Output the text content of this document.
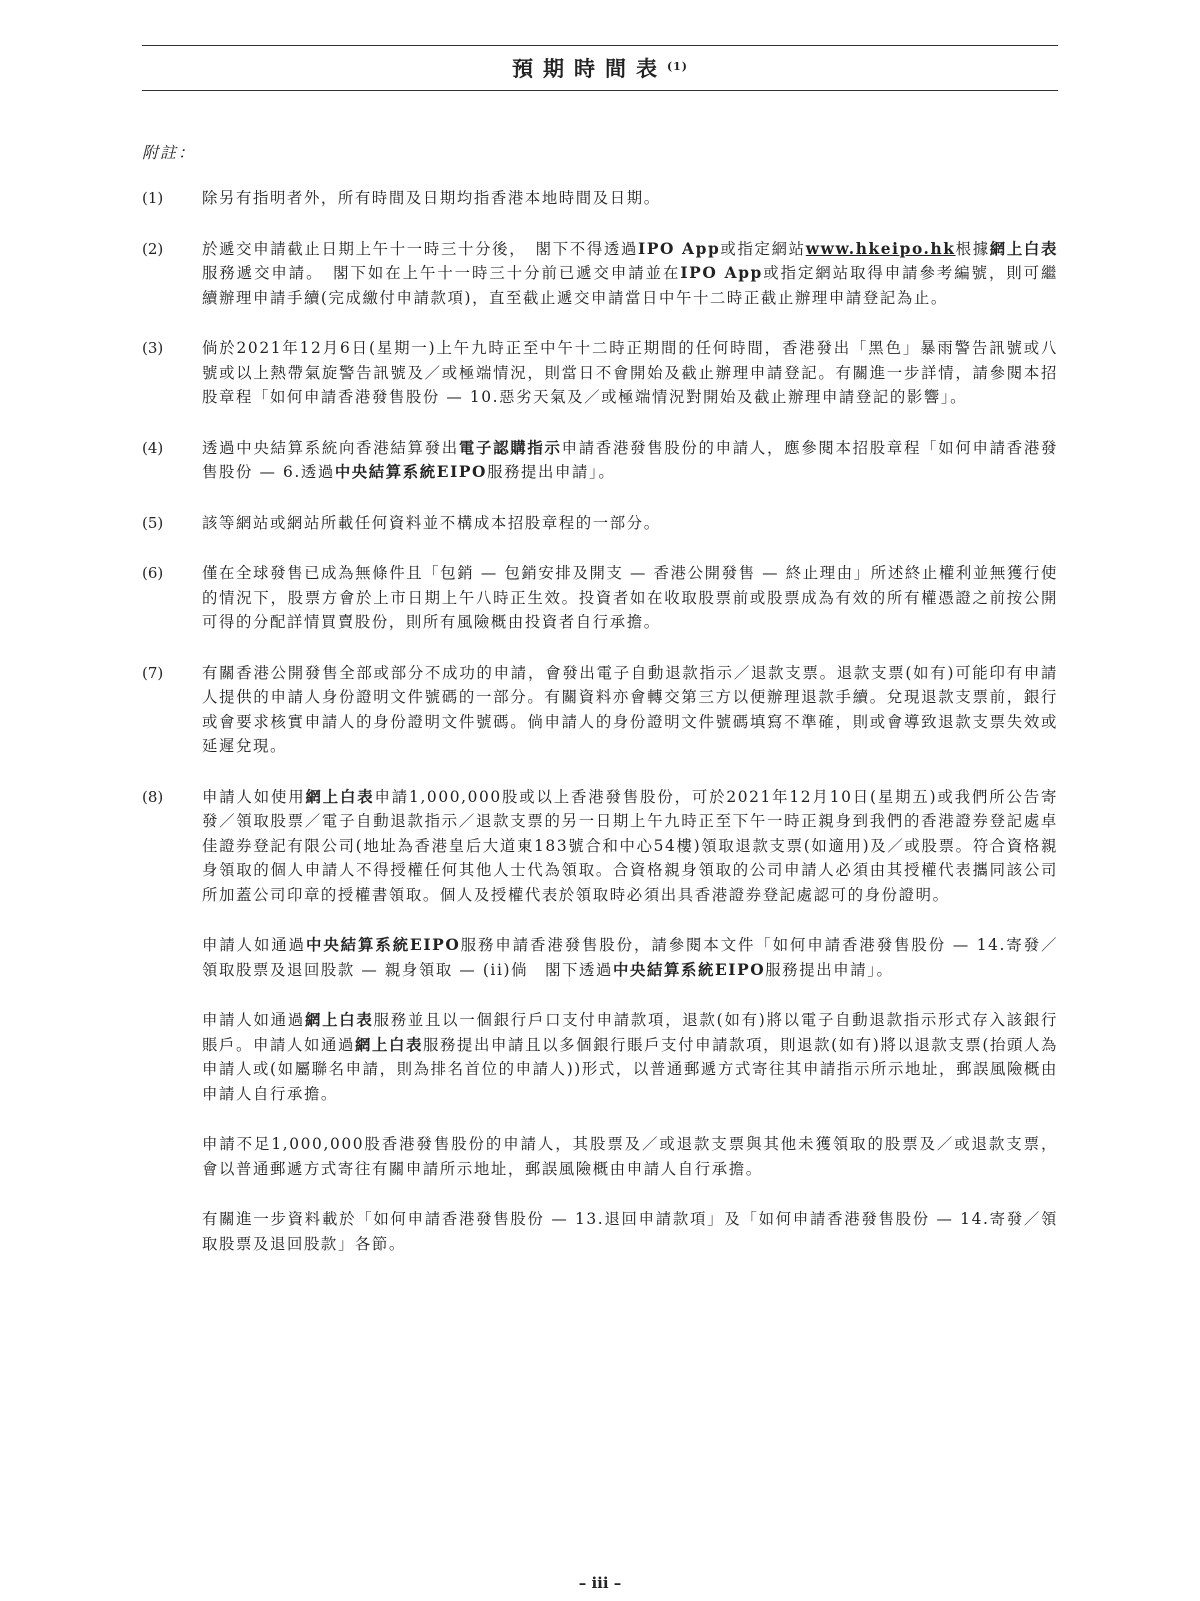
預期時間表$^{(1)}$
附註：
(1)	除另有指明者外，所有時間及日期均指香港本地時間及日期。

(2)	於遞交申請截止日期上午十一時三十分後，　閣下不得透過IPO App或指定網站www.hkeipo.hk根據網上白表服務遞交申請。　閣下如在上午十一時三十分前已遞交申請並在IPO App或指定網站取得申請參考編號，則可繼續辦理申請手續(完成繳付申請款項)，直至截止遞交申請當日中午十二時正截止辦理申請登記為止。

(3)	倘於2021年12月6日(星期一)上午九時正至中午十二時正期間的任何時間，香港發出「黑色」暴雨警告訊號或八號或以上熱帶氣旋警告訊號及／或極端情況，則當日不會開始及截止辦理申請登記。有關進一步詳情，請參閱本招股章程「如何申請香港發售股份 — 10.惡劣天氣及／或極端情況對開始及截止辦理申請登記的影響」。

(4)	透過中央結算系統向香港結算發出電子認購指示申請香港發售股份的申請人，應參閱本招股章程「如何申請香港發售股份 — 6.透過中央結算系統EIPO服務提出申請」。

(5)	該等網站或網站所載任何資料並不構成本招股章程的一部分。

(6)	僅在全球發售已成為無條件且「包銷 — 包銷安排及開支 — 香港公開發售 — 終止理由」所述終止權利並無獲行使的情況下，股票方會於上市日期上午八時正生效。投資者如在收取股票前或股票成為有效的所有權憑證之前按公開可得的分配詳情買賣股份，則所有風險概由投資者自行承擔。

(7)	有關香港公開發售全部或部分不成功的申請，會發出電子自動退款指示／退款支票。退款支票(如有)可能印有申請人提供的申請人身份證明文件號碼的一部分。有關資料亦會轉交第三方以便辦理退款手續。兌現退款支票前，銀行或會要求核實申請人的身份證明文件號碼。倘申請人的身份證明文件號碼填寫不準確，則或會導致退款支票失效或延遲兌現。

(8)	申請人如使用網上白表申請1,000,000股或以上香港發售股份，可於2021年12月10日(星期五)或我們所公告寄發／領取股票／電子自動退款指示／退款支票的另一日期上午九時正至下午一時正親身到我們的香港證券登記處卓佳證券登記有限公司(地址為香港皇后大道東183號合和中心54樓)領取退款支票(如適用)及／或股票。符合資格親身領取的個人申請人不得授權任何其他人士代為領取。合資格親身領取的公司申請人必須由其授權代表攜同該公司所加蓋公司印章的授權書領取。個人及授權代表於領取時必須出具香港證券登記處認可的身份證明。

申請人如通過中央結算系統EIPO服務申請香港發售股份，請參閱本文件「如何申請香港發售股份 — 14.寄發／領取股票及退回股款 — 親身領取 — (ii)倘　閣下透過中央結算系統EIPO服務提出申請」。

申請人如通過網上白表服務並且以一個銀行戶口支付申請款項，退款(如有)將以電子自動退款指示形式存入該銀行賬戶。申請人如通過網上白表服務提出申請且以多個銀行賬戶支付申請款項，則退款(如有)將以退款支票(抬頭人為申請人或(如屬聯名申請，則為排名首位的申請人))形式，以普通郵遞方式寄往其申請指示所示地址，郵誤風險概由申請人自行承擔。

申請不足1,000,000股香港發售股份的申請人，其股票及／或退款支票與其他未獲領取的股票及／或退款支票，會以普通郵遞方式寄往有關申請所示地址，郵誤風險概由申請人自行承擔。

有關進一步資料載於「如何申請香港發售股份 — 13.退回申請款項」及「如何申請香港發售股份 — 14.寄發／領取股票及退回股款」各節。

– iii –
